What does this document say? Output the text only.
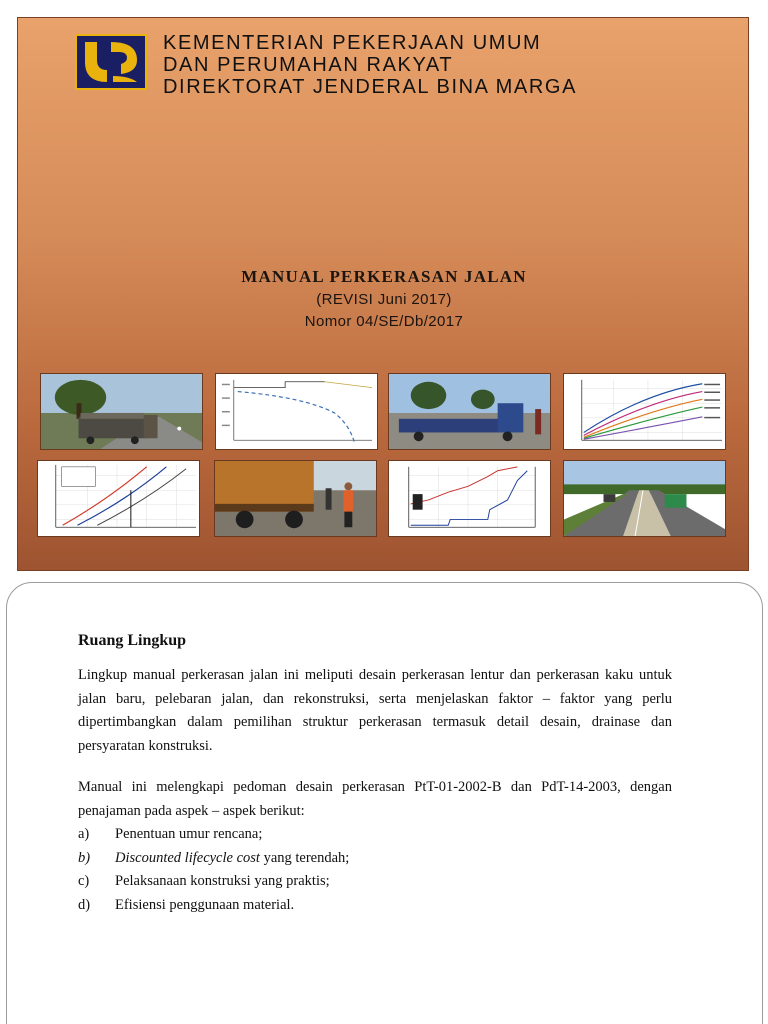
KEMENTERIAN PEKERJAAN UMUM
DAN PERUMAHAN RAKYAT
DIREKTORAT JENDERAL BINA MARGA
MANUAL PERKERASAN JALAN
(REVISI Juni 2017)
Nomor 04/SE/Db/2017
Ruang Lingkup

Lingkup manual perkerasan jalan ini meliputi desain perkerasan lentur dan perkerasan kaku untuk jalan baru, pelebaran jalan, dan rekonstruksi, serta menjelaskan faktor – faktor yang perlu dipertimbangkan dalam pemilihan struktur perkerasan termasuk detail desain, drainase dan persyaratan konstruksi.

Manual ini melengkapi pedoman desain perkerasan PtT-01-2002-B dan PdT-14-2003, dengan penajaman pada aspek – aspek berikut:

a)	Penentuan umur rencana;
b)	Discounted lifecycle cost yang terendah;
c)	Pelaksanaan konstruksi yang praktis;
d)	Efisiensi penggunaan material.
